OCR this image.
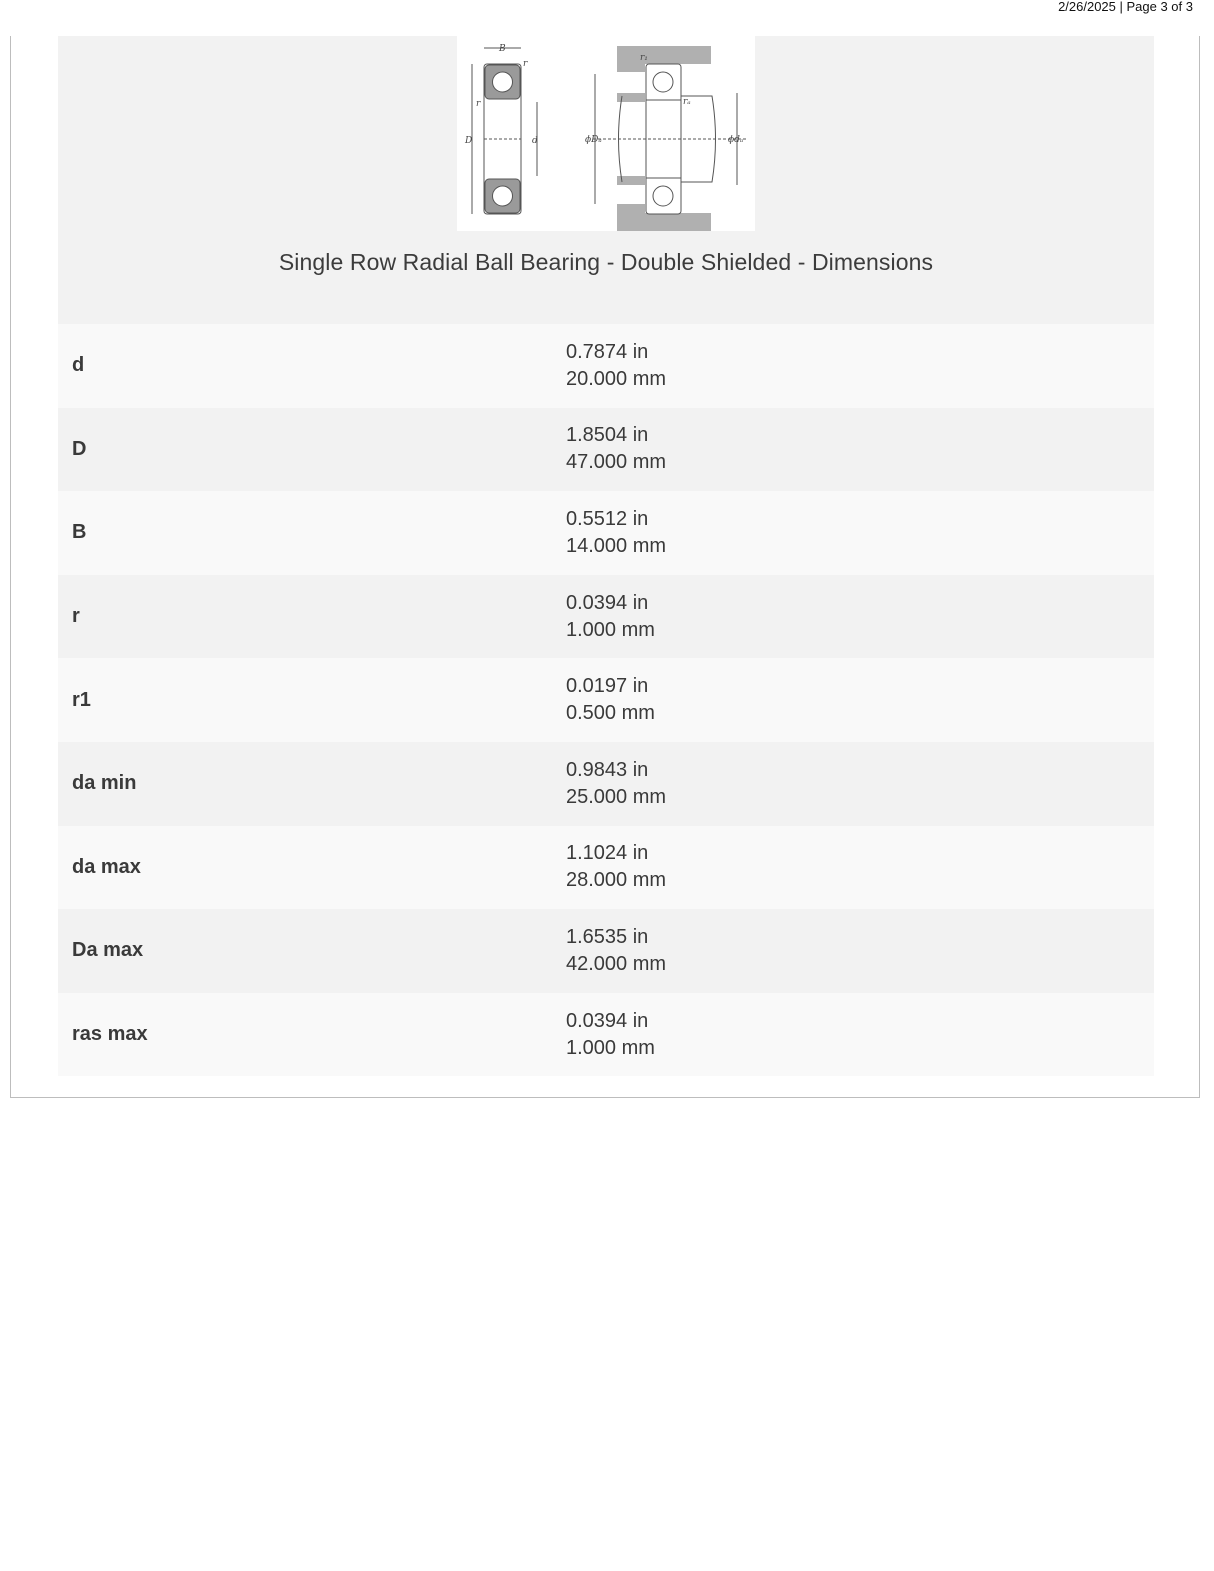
2/26/2025 | Page 3 of 3
B
r
r
D	d
r₁
rₐ
ϕDₐ	ϕdₐ
Single Row Radial Ball Bearing - Double Shielded - Dimensions
d
0.7874 in
20.000 mm
D
1.8504 in
47.000 mm
B
0.5512 in
14.000 mm
r
0.0394 in
1.000 mm
r1
0.0197 in
0.500 mm
da min
0.9843 in
25.000 mm
da max
1.1024 in
28.000 mm
Da max
1.6535 in
42.000 mm
ras max
0.0394 in
1.000 mm
